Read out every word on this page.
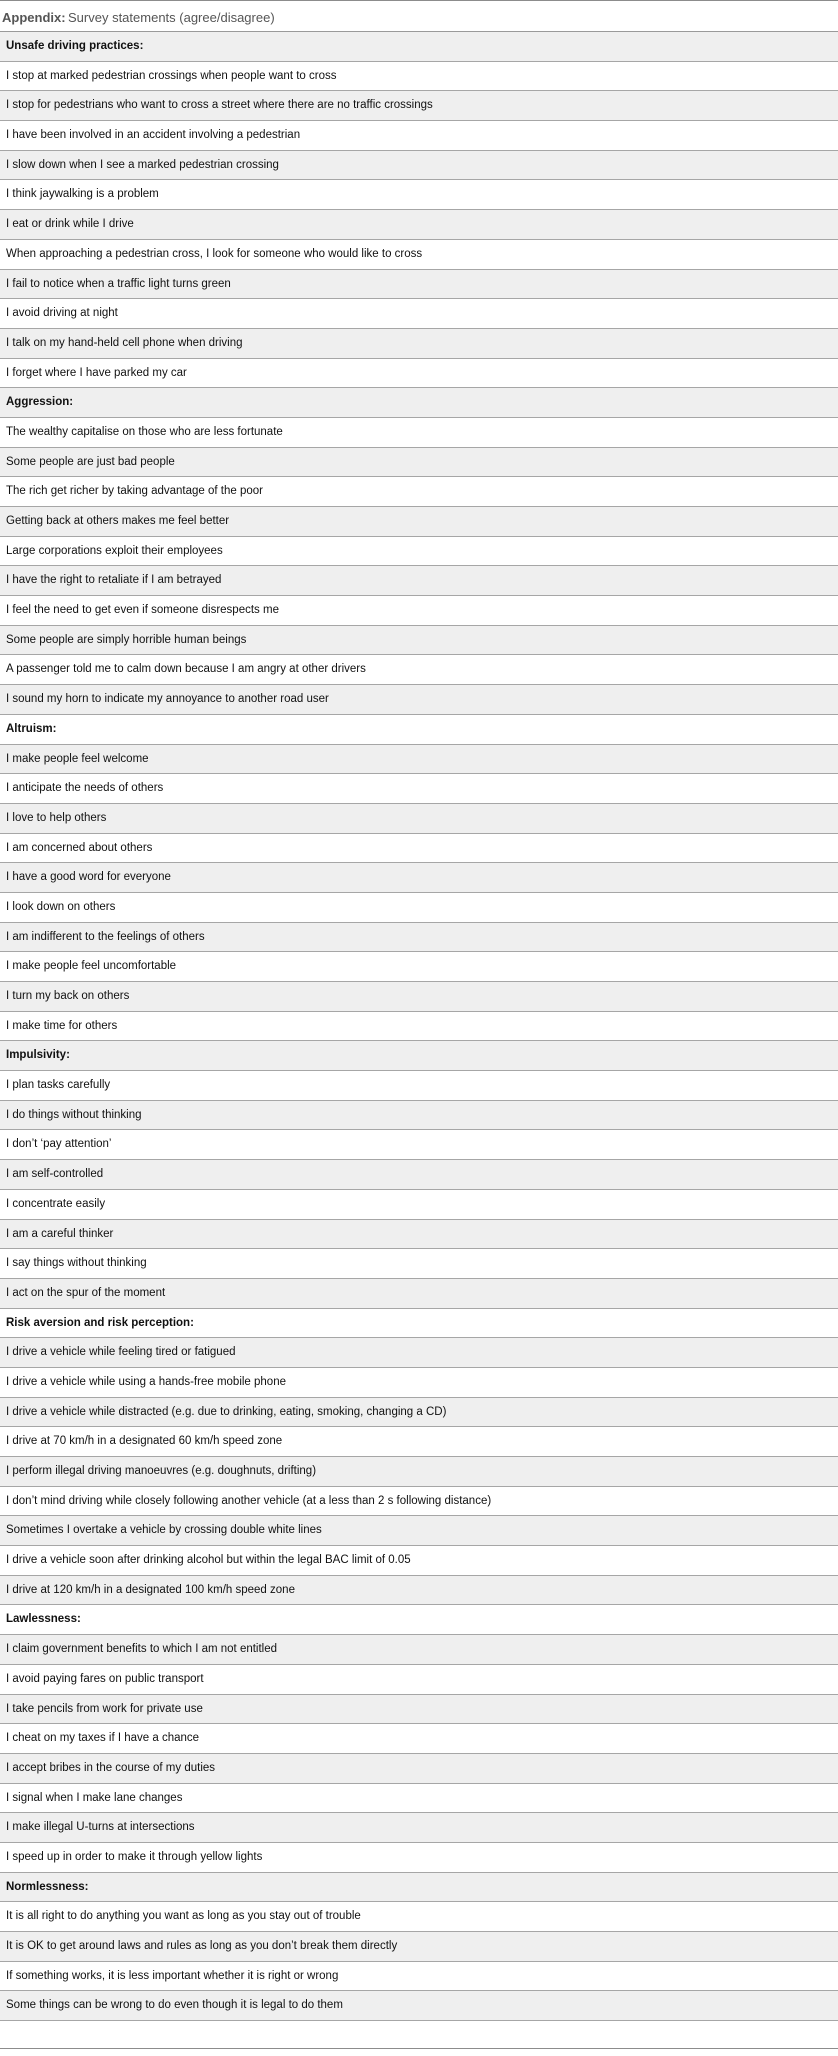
Appendix: Survey statements (agree/disagree)
Unsafe driving practices:
I stop at marked pedestrian crossings when people want to cross
I stop for pedestrians who want to cross a street where there are no traffic crossings
I have been involved in an accident involving a pedestrian
I slow down when I see a marked pedestrian crossing
I think jaywalking is a problem
I eat or drink while I drive
When approaching a pedestrian cross, I look for someone who would like to cross
I fail to notice when a traffic light turns green
I avoid driving at night
I talk on my hand-held cell phone when driving
I forget where I have parked my car
Aggression:
The wealthy capitalise on those who are less fortunate
Some people are just bad people
The rich get richer by taking advantage of the poor
Getting back at others makes me feel better
Large corporations exploit their employees
I have the right to retaliate if I am betrayed
I feel the need to get even if someone disrespects me
Some people are simply horrible human beings
A passenger told me to calm down because I am angry at other drivers
I sound my horn to indicate my annoyance to another road user
Altruism:
I make people feel welcome
I anticipate the needs of others
I love to help others
I am concerned about others
I have a good word for everyone
I look down on others
I am indifferent to the feelings of others
I make people feel uncomfortable
I turn my back on others
I make time for others
Impulsivity:
I plan tasks carefully
I do things without thinking
I don’t ‘pay attention’
I am self-controlled
I concentrate easily
I am a careful thinker
I say things without thinking
I act on the spur of the moment
Risk aversion and risk perception:
I drive a vehicle while feeling tired or fatigued
I drive a vehicle while using a hands-free mobile phone
I drive a vehicle while distracted (e.g. due to drinking, eating, smoking, changing a CD)
I drive at 70 km/h in a designated 60 km/h speed zone
I perform illegal driving manoeuvres (e.g. doughnuts, drifting)
I don’t mind driving while closely following another vehicle (at a less than 2 s following distance)
Sometimes I overtake a vehicle by crossing double white lines
I drive a vehicle soon after drinking alcohol but within the legal BAC limit of 0.05
I drive at 120 km/h in a designated 100 km/h speed zone
Lawlessness:
I claim government benefits to which I am not entitled
I avoid paying fares on public transport
I take pencils from work for private use
I cheat on my taxes if I have a chance
I accept bribes in the course of my duties
I signal when I make lane changes
I make illegal U-turns at intersections
I speed up in order to make it through yellow lights
Normlessness:
It is all right to do anything you want as long as you stay out of trouble
It is OK to get around laws and rules as long as you don’t break them directly
If something works, it is less important whether it is right or wrong
Some things can be wrong to do even though it is legal to do them
